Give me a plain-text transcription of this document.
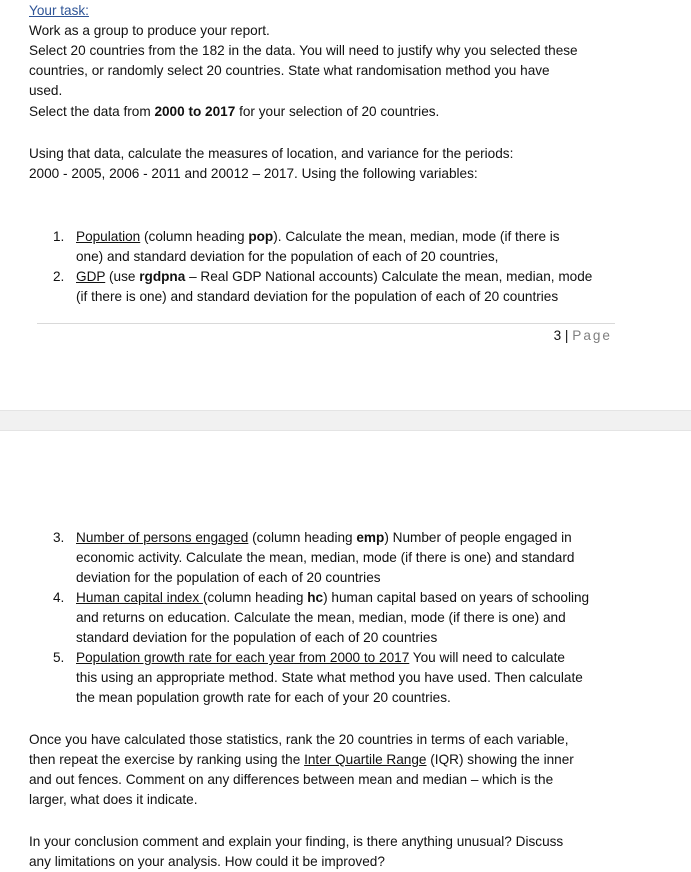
Your task:
Work as a group to produce your report.
Select 20 countries from the 182 in the data. You will need to justify why you selected these
countries, or randomly select 20 countries. State what randomisation method you have
used.
Select the data from 2000 to 2017 for your selection of 20 countries.
Using that data, calculate the measures of location, and variance for the periods:
2000 - 2005, 2006 - 2011 and 20012 – 2017. Using the following variables:
1. Population (column heading pop). Calculate the mean, median, mode (if there is
one) and standard deviation for the population of each of 20 countries,
2. GDP (use rgdpna – Real GDP National accounts) Calculate the mean, median, mode
(if there is one) and standard deviation for the population of each of 20 countries
3 | Page
3. Number of persons engaged (column heading emp) Number of people engaged in
economic activity. Calculate the mean, median, mode (if there is one) and standard
deviation for the population of each of 20 countries
4. Human capital index (column heading hc) human capital based on years of schooling
and returns on education. Calculate the mean, median, mode (if there is one) and
standard deviation for the population of each of 20 countries
5. Population growth rate for each year from 2000 to 2017 You will need to calculate
this using an appropriate method. State what method you have used. Then calculate
the mean population growth rate for each of your 20 countries.
Once you have calculated those statistics, rank the 20 countries in terms of each variable,
then repeat the exercise by ranking using the Inter Quartile Range (IQR) showing the inner
and out fences. Comment on any differences between mean and median – which is the
larger, what does it indicate.
In your conclusion comment and explain your finding, is there anything unusual? Discuss
any limitations on your analysis. How could it be improved?
